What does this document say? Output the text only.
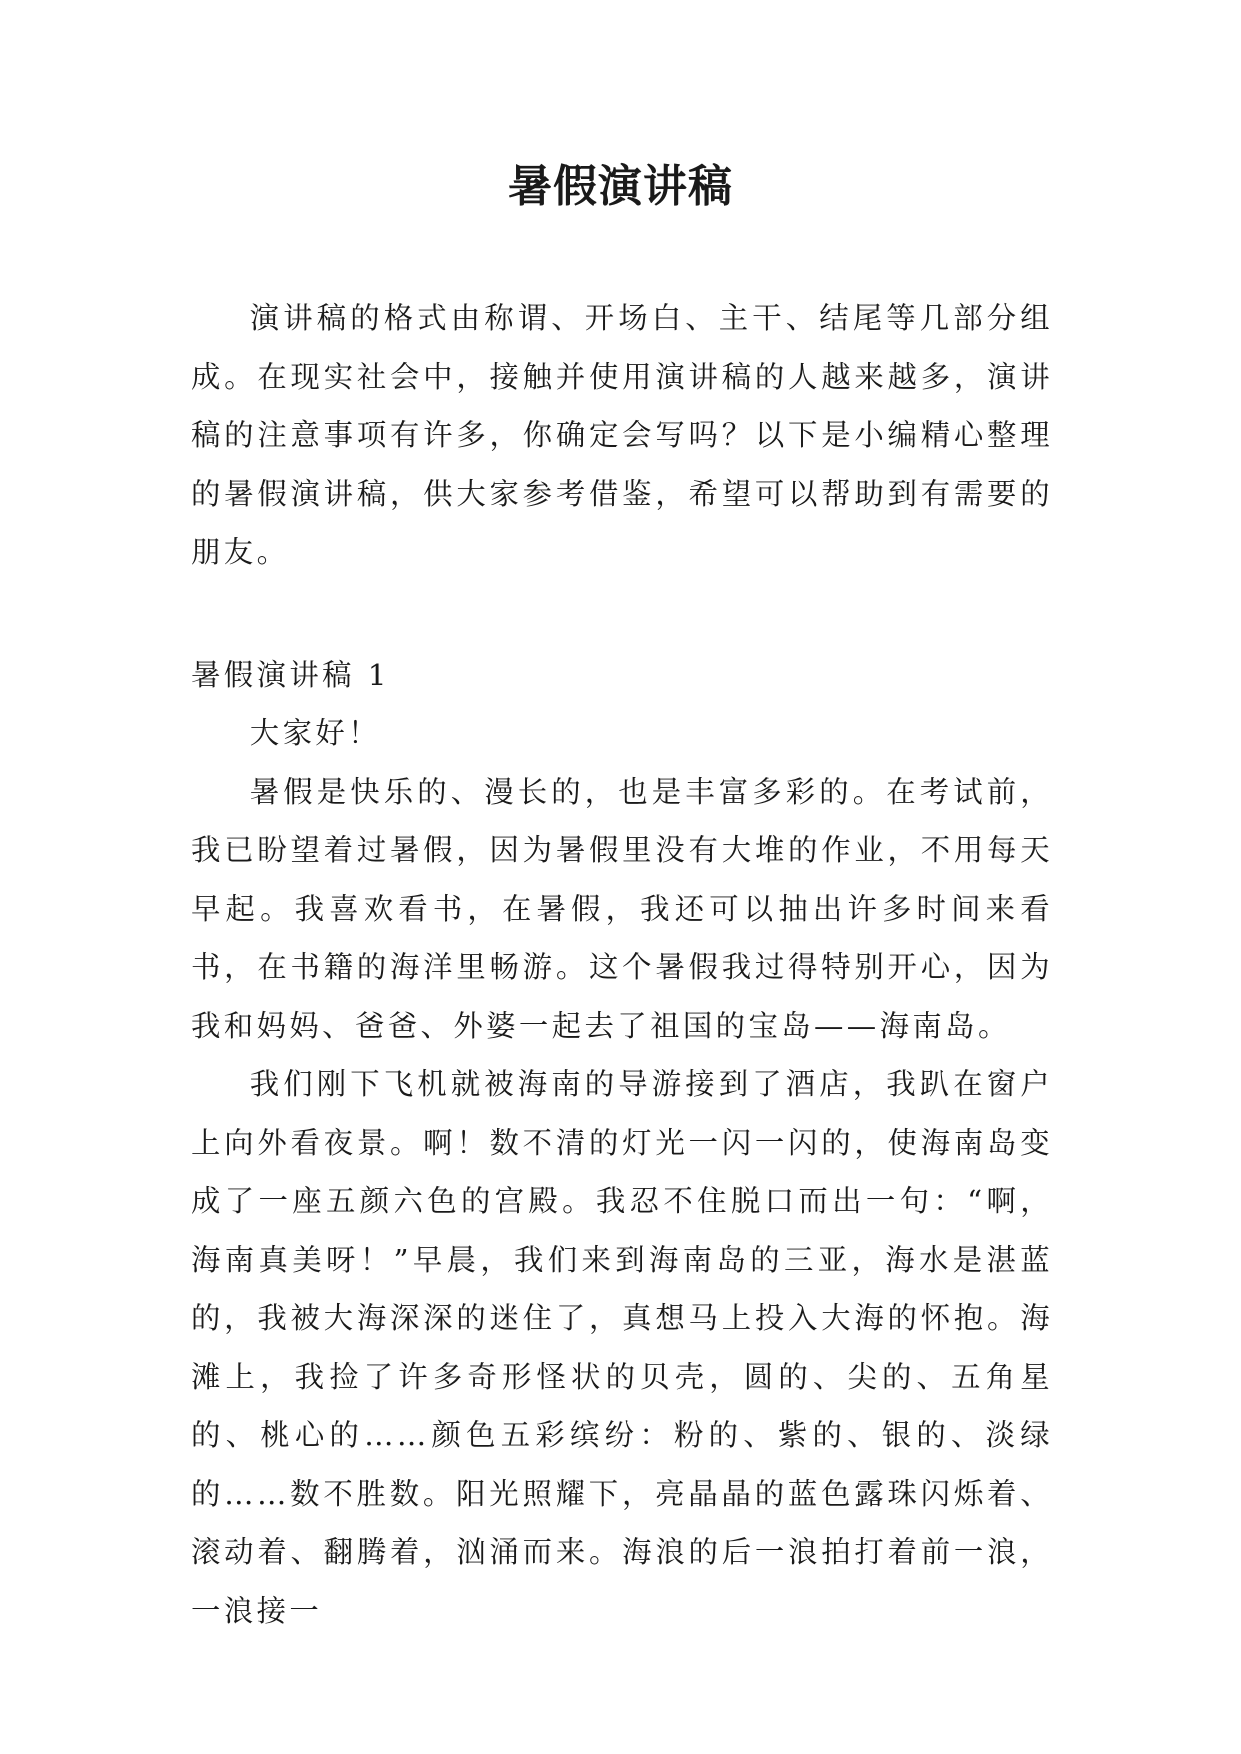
暑假演讲稿

演讲稿的格式由称谓、开场白、主干、结尾等几部分组成。在现实社会中，接触并使用演讲稿的人越来越多，演讲稿的注意事项有许多，你确定会写吗？以下是小编精心整理的暑假演讲稿，供大家参考借鉴，希望可以帮助到有需要的朋友。

暑假演讲稿 1

大家好！

暑假是快乐的、漫长的，也是丰富多彩的。在考试前，我已盼望着过暑假，因为暑假里没有大堆的作业，不用每天早起。我喜欢看书，在暑假，我还可以抽出许多时间来看书，在书籍的海洋里畅游。这个暑假我过得特别开心，因为我和妈妈、爸爸、外婆一起去了祖国的宝岛——海南岛。

我们刚下飞机就被海南的导游接到了酒店，我趴在窗户上向外看夜景。啊！数不清的灯光一闪一闪的，使海南岛变成了一座五颜六色的宫殿。我忍不住脱口而出一句：“啊，海南真美呀！”早晨，我们来到海南岛的三亚，海水是湛蓝的，我被大海深深的迷住了，真想马上投入大海的怀抱。海滩上，我捡了许多奇形怪状的贝壳，圆的、尖的、五角星的、桃心的……颜色五彩缤纷：粉的、紫的、银的、淡绿的……数不胜数。阳光照耀下，亮晶晶的蓝色露珠闪烁着、滚动着、翻腾着，汹涌而来。海浪的后一浪拍打着前一浪，一浪接一
